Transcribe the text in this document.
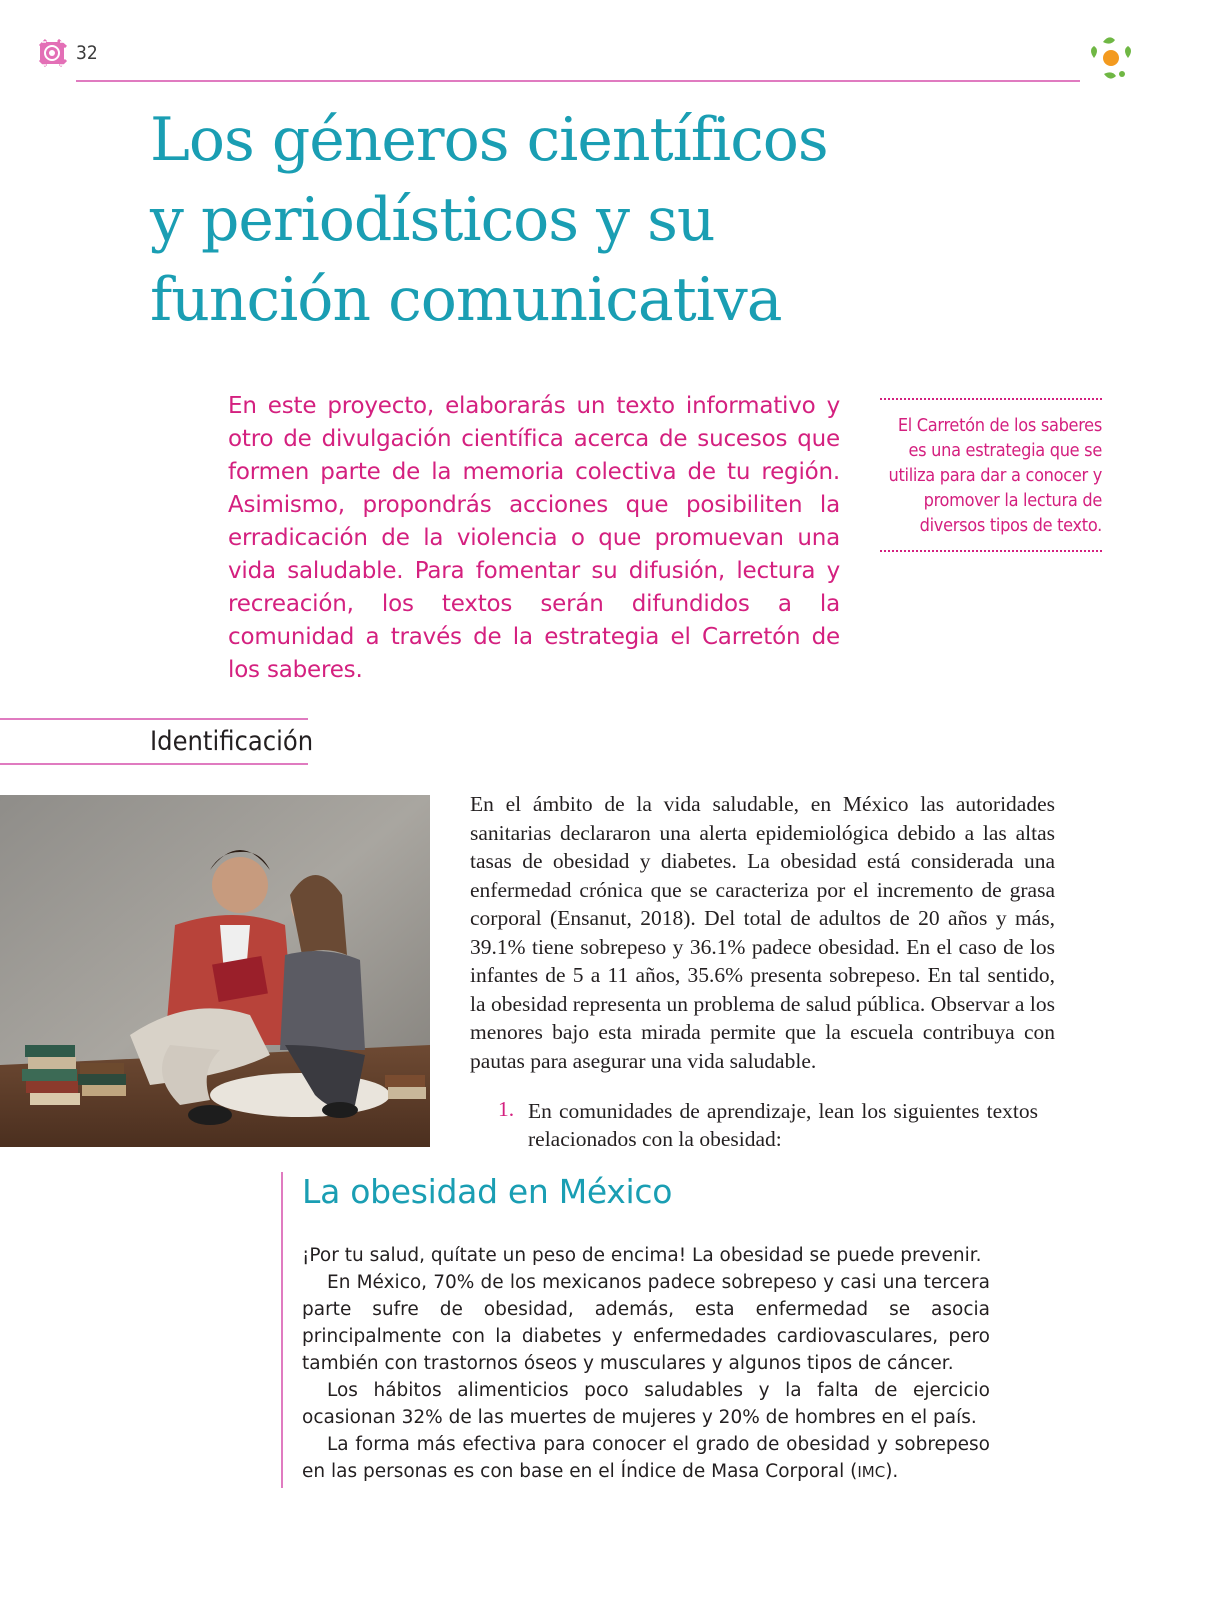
32
Los géneros científicos
y periodísticos y su
función comunicativa

En este proyecto, elaborarás un texto informativo y otro de divulgación científica acerca de sucesos que formen parte de la memoria colectiva de tu región. Asimismo, propondrás acciones que posibiliten la erradicación de la violencia o que promuevan una vida saludable. Para fomentar su difusión, lectura y recreación, los textos serán difundidos a la comunidad a través de la estrategia el Carretón de los saberes.

El Carretón de los saberes es una estrategia que se utiliza para dar a conocer y promover la lectura de diversos tipos de texto.

Identificación

En el ámbito de la vida saludable, en México las autoridades sanitarias declararon una alerta epidemiológica debido a las altas tasas de obesidad y diabetes. La obesidad está considerada una enfermedad crónica que se caracteriza por el incremento de grasa corporal (Ensanut, 2018). Del total de adultos de 20 años y más, 39.1% tiene sobrepeso y 36.1% padece obesidad. En el caso de los infantes de 5 a 11 años, 35.6% presenta sobrepeso. En tal sentido, la obesidad representa un problema de salud pública. Observar a los menores bajo esta mirada permite que la escuela contribuya con pautas para asegurar una vida saludable.

1. En comunidades de aprendizaje, lean los siguientes textos relacionados con la obesidad:

La obesidad en México

¡Por tu salud, quítate un peso de encima! La obesidad se puede prevenir.

En México, 70% de los mexicanos padece sobrepeso y casi una tercera parte sufre de obesidad, además, esta enfermedad se asocia principalmente con la diabetes y enfermedades cardiovasculares, pero también con trastornos óseos y musculares y algunos tipos de cáncer.

Los hábitos alimenticios poco saludables y la falta de ejercicio ocasionan 32% de las muertes de mujeres y 20% de hombres en el país.

La forma más efectiva para conocer el grado de obesidad y sobrepeso en las personas es con base en el Índice de Masa Corporal (IMC).
